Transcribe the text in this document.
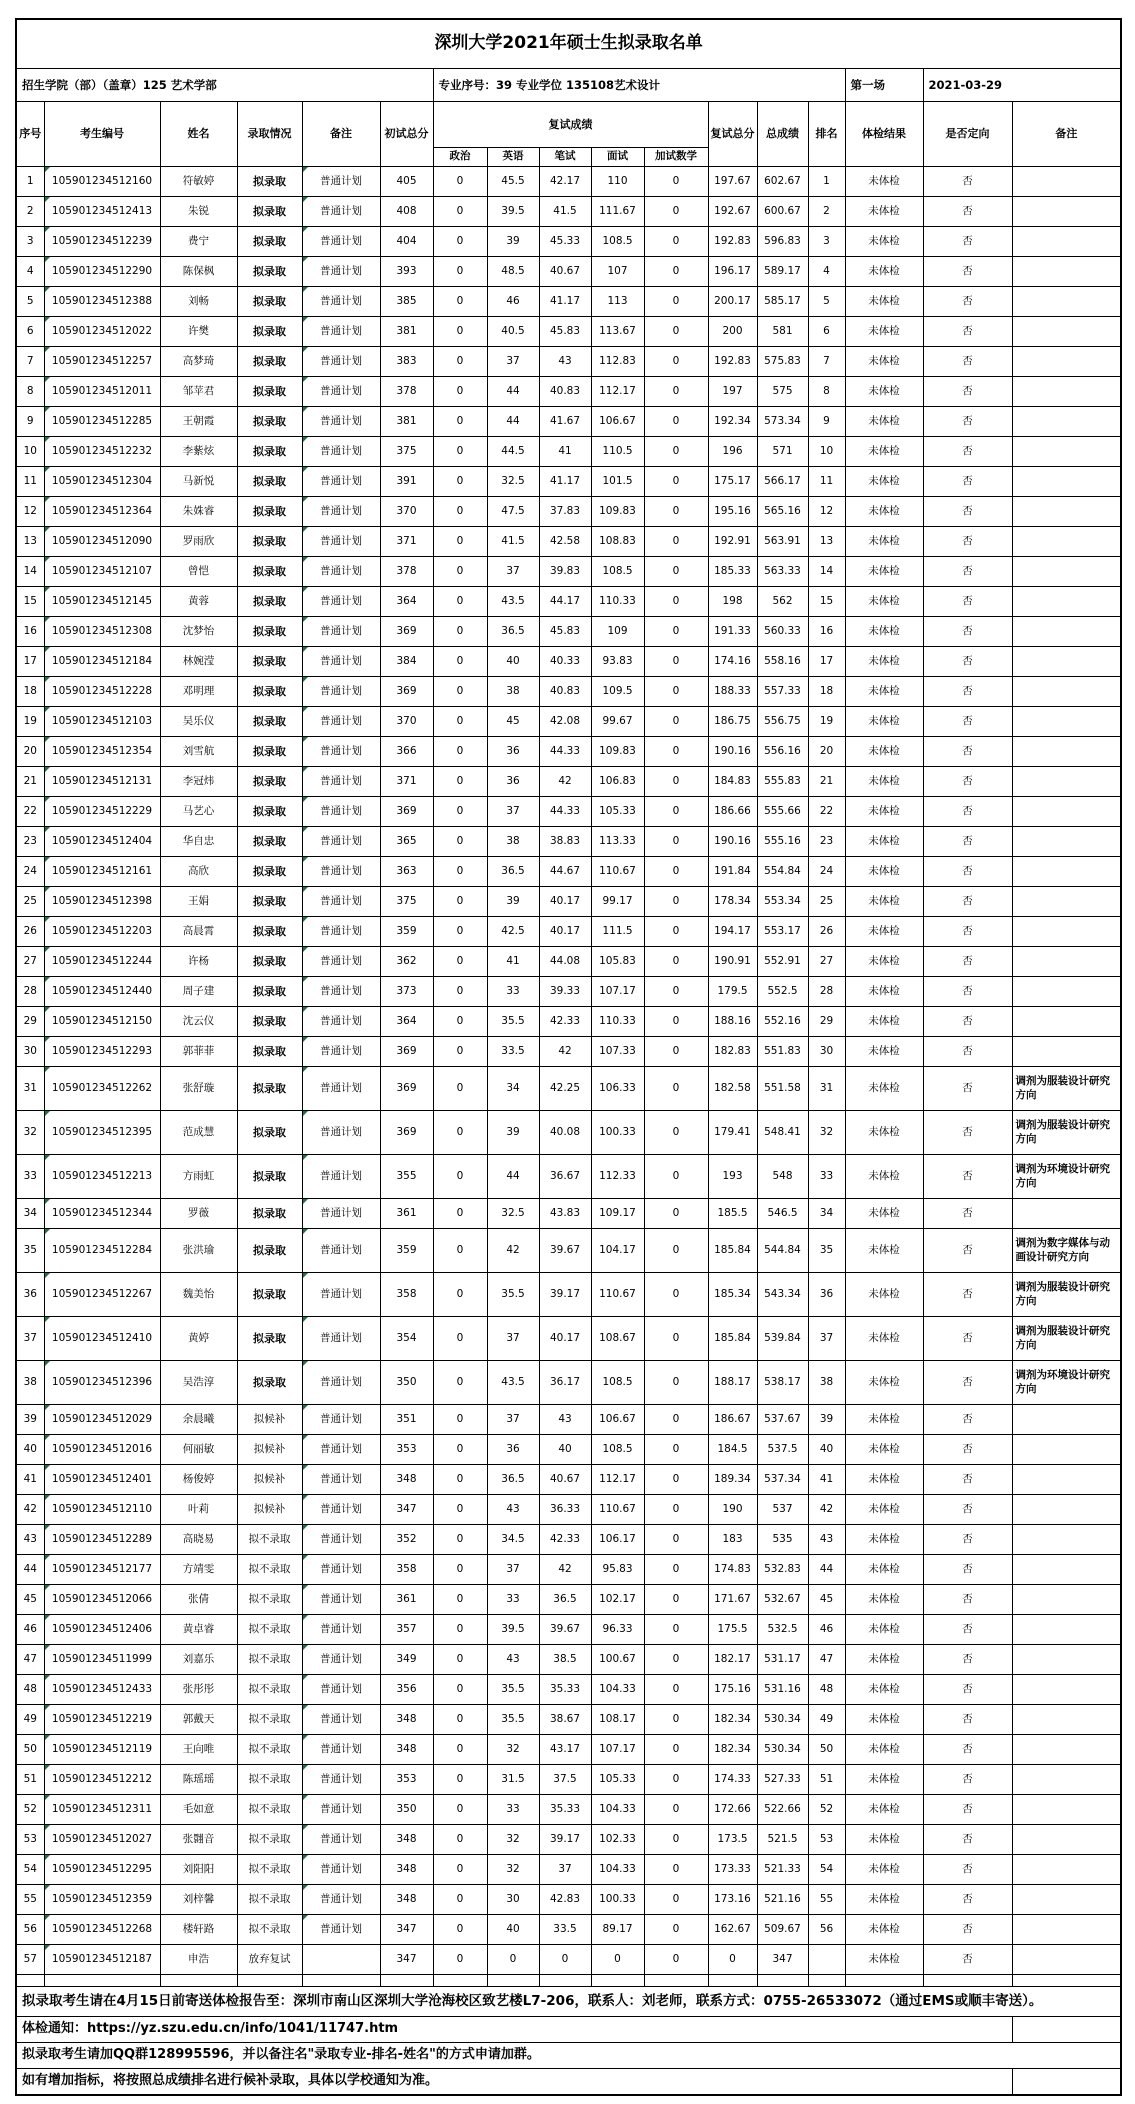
深圳大学2021年硕士生拟录取名单																
招生学院（部）（盖章）125 艺术学部						专业序号：39 专业学位 135108艺术设计								第一场	2021-03-29	
序号	考生编号	姓名	录取情况	备注	初试总分	复试成绩					复试总分	总成绩	排名	体检结果	是否定向	备注
						政治	英语	笔试	面试	加试数学						
1	105901234512160	符敏婷	拟录取	普通计划	405	0	45.5	42.17	110	0	197.67	602.67	1	未体检	否	
2	105901234512413	朱锐	拟录取	普通计划	408	0	39.5	41.5	111.67	0	192.67	600.67	2	未体检	否	
3	105901234512239	费宁	拟录取	普通计划	404	0	39	45.33	108.5	0	192.83	596.83	3	未体检	否	
4	105901234512290	陈保枫	拟录取	普通计划	393	0	48.5	40.67	107	0	196.17	589.17	4	未体检	否	
5	105901234512388	刘畅	拟录取	普通计划	385	0	46	41.17	113	0	200.17	585.17	5	未体检	否	
6	105901234512022	许樊	拟录取	普通计划	381	0	40.5	45.83	113.67	0	200	581	6	未体检	否	
7	105901234512257	高梦琦	拟录取	普通计划	383	0	37	43	112.83	0	192.83	575.83	7	未体检	否	
8	105901234512011	邹苹君	拟录取	普通计划	378	0	44	40.83	112.17	0	197	575	8	未体检	否	
9	105901234512285	王朝霞	拟录取	普通计划	381	0	44	41.67	106.67	0	192.34	573.34	9	未体检	否	
10	105901234512232	李紫炫	拟录取	普通计划	375	0	44.5	41	110.5	0	196	571	10	未体检	否	
11	105901234512304	马新悦	拟录取	普通计划	391	0	32.5	41.17	101.5	0	175.17	566.17	11	未体检	否	
12	105901234512364	朱姝睿	拟录取	普通计划	370	0	47.5	37.83	109.83	0	195.16	565.16	12	未体检	否	
13	105901234512090	罗雨欣	拟录取	普通计划	371	0	41.5	42.58	108.83	0	192.91	563.91	13	未体检	否	
14	105901234512107	曾恺	拟录取	普通计划	378	0	37	39.83	108.5	0	185.33	563.33	14	未体检	否	
15	105901234512145	黄蓉	拟录取	普通计划	364	0	43.5	44.17	110.33	0	198	562	15	未体检	否	
16	105901234512308	沈梦怡	拟录取	普通计划	369	0	36.5	45.83	109	0	191.33	560.33	16	未体检	否	
17	105901234512184	林婉滢	拟录取	普通计划	384	0	40	40.33	93.83	0	174.16	558.16	17	未体检	否	
18	105901234512228	邓明理	拟录取	普通计划	369	0	38	40.83	109.5	0	188.33	557.33	18	未体检	否	
19	105901234512103	吴乐仪	拟录取	普通计划	370	0	45	42.08	99.67	0	186.75	556.75	19	未体检	否	
20	105901234512354	刘雪航	拟录取	普通计划	366	0	36	44.33	109.83	0	190.16	556.16	20	未体检	否	
21	105901234512131	李冠炜	拟录取	普通计划	371	0	36	42	106.83	0	184.83	555.83	21	未体检	否	
22	105901234512229	马艺心	拟录取	普通计划	369	0	37	44.33	105.33	0	186.66	555.66	22	未体检	否	
23	105901234512404	华自忠	拟录取	普通计划	365	0	38	38.83	113.33	0	190.16	555.16	23	未体检	否	
24	105901234512161	高欣	拟录取	普通计划	363	0	36.5	44.67	110.67	0	191.84	554.84	24	未体检	否	
25	105901234512398	王娟	拟录取	普通计划	375	0	39	40.17	99.17	0	178.34	553.34	25	未体检	否	
26	105901234512203	高晨霄	拟录取	普通计划	359	0	42.5	40.17	111.5	0	194.17	553.17	26	未体检	否	
27	105901234512244	许杨	拟录取	普通计划	362	0	41	44.08	105.83	0	190.91	552.91	27	未体检	否	
28	105901234512440	周子建	拟录取	普通计划	373	0	33	39.33	107.17	0	179.5	552.5	28	未体检	否	
29	105901234512150	沈云仪	拟录取	普通计划	364	0	35.5	42.33	110.33	0	188.16	552.16	29	未体检	否	
30	105901234512293	郭菲菲	拟录取	普通计划	369	0	33.5	42	107.33	0	182.83	551.83	30	未体检	否	
31	105901234512262	张舒璇	拟录取	普通计划	369	0	34	42.25	106.33	0	182.58	551.58	31	未体检	否	调剂为服装设计研究方向
32	105901234512395	范成慧	拟录取	普通计划	369	0	39	40.08	100.33	0	179.41	548.41	32	未体检	否	调剂为服装设计研究方向
33	105901234512213	方雨虹	拟录取	普通计划	355	0	44	36.67	112.33	0	193	548	33	未体检	否	调剂为环境设计研究方向
34	105901234512344	罗薇	拟录取	普通计划	361	0	32.5	43.83	109.17	0	185.5	546.5	34	未体检	否	
35	105901234512284	张洪瑜	拟录取	普通计划	359	0	42	39.67	104.17	0	185.84	544.84	35	未体检	否	调剂为数字媒体与动画设计研究方向
36	105901234512267	魏美怡	拟录取	普通计划	358	0	35.5	39.17	110.67	0	185.34	543.34	36	未体检	否	调剂为服装设计研究方向
37	105901234512410	黄婷	拟录取	普通计划	354	0	37	40.17	108.67	0	185.84	539.84	37	未体检	否	调剂为服装设计研究方向
38	105901234512396	吴浩淳	拟录取	普通计划	350	0	43.5	36.17	108.5	0	188.17	538.17	38	未体检	否	调剂为环境设计研究方向
39	105901234512029	余晨曦	拟候补	普通计划	351	0	37	43	106.67	0	186.67	537.67	39	未体检	否	
40	105901234512016	何丽敏	拟候补	普通计划	353	0	36	40	108.5	0	184.5	537.5	40	未体检	否	
41	105901234512401	杨俊婷	拟候补	普通计划	348	0	36.5	40.67	112.17	0	189.34	537.34	41	未体检	否	
42	105901234512110	叶莉	拟候补	普通计划	347	0	43	36.33	110.67	0	190	537	42	未体检	否	
43	105901234512289	高晓易	拟不录取	普通计划	352	0	34.5	42.33	106.17	0	183	535	43	未体检	否	
44	105901234512177	方靖雯	拟不录取	普通计划	358	0	37	42	95.83	0	174.83	532.83	44	未体检	否	
45	105901234512066	张倩	拟不录取	普通计划	361	0	33	36.5	102.17	0	171.67	532.67	45	未体检	否	
46	105901234512406	黄卓睿	拟不录取	普通计划	357	0	39.5	39.67	96.33	0	175.5	532.5	46	未体检	否	
47	105901234511999	刘嘉乐	拟不录取	普通计划	349	0	43	38.5	100.67	0	182.17	531.17	47	未体检	否	
48	105901234512433	张彤彤	拟不录取	普通计划	356	0	35.5	35.33	104.33	0	175.16	531.16	48	未体检	否	
49	105901234512219	郭戴天	拟不录取	普通计划	348	0	35.5	38.67	108.17	0	182.34	530.34	49	未体检	否	
50	105901234512119	王向唯	拟不录取	普通计划	348	0	32	43.17	107.17	0	182.34	530.34	50	未体检	否	
51	105901234512212	陈瑶瑶	拟不录取	普通计划	353	0	31.5	37.5	105.33	0	174.33	527.33	51	未体检	否	
52	105901234512311	毛如意	拟不录取	普通计划	350	0	33	35.33	104.33	0	172.66	522.66	52	未体检	否	
53	105901234512027	张翾音	拟不录取	普通计划	348	0	32	39.17	102.33	0	173.5	521.5	53	未体检	否	
54	105901234512295	刘阳阳	拟不录取	普通计划	348	0	32	37	104.33	0	173.33	521.33	54	未体检	否	
55	105901234512359	刘梓馨	拟不录取	普通计划	348	0	30	42.83	100.33	0	173.16	521.16	55	未体检	否	
56	105901234512268	楼轩路	拟不录取	普通计划	347	0	40	33.5	89.17	0	162.67	509.67	56	未体检	否	
57	105901234512187	申浩	放弃复试		347	0	0	0	0	0	0	347		未体检	否	

拟录取考生请在4月15日前寄送体检报告至：深圳市南山区深圳大学沧海校区致艺楼L7-206，联系人：刘老师，联系方式：0755-26533072（通过EMS或顺丰寄送）。																
体检通知：https://yz.szu.edu.cn/info/1041/11747.htm																
拟录取考生请加QQ群128995596，并以备注名"录取专业-排名-姓名"的方式申请加群。																
如有增加指标，将按照总成绩排名进行候补录取，具体以学校通知为准。																
